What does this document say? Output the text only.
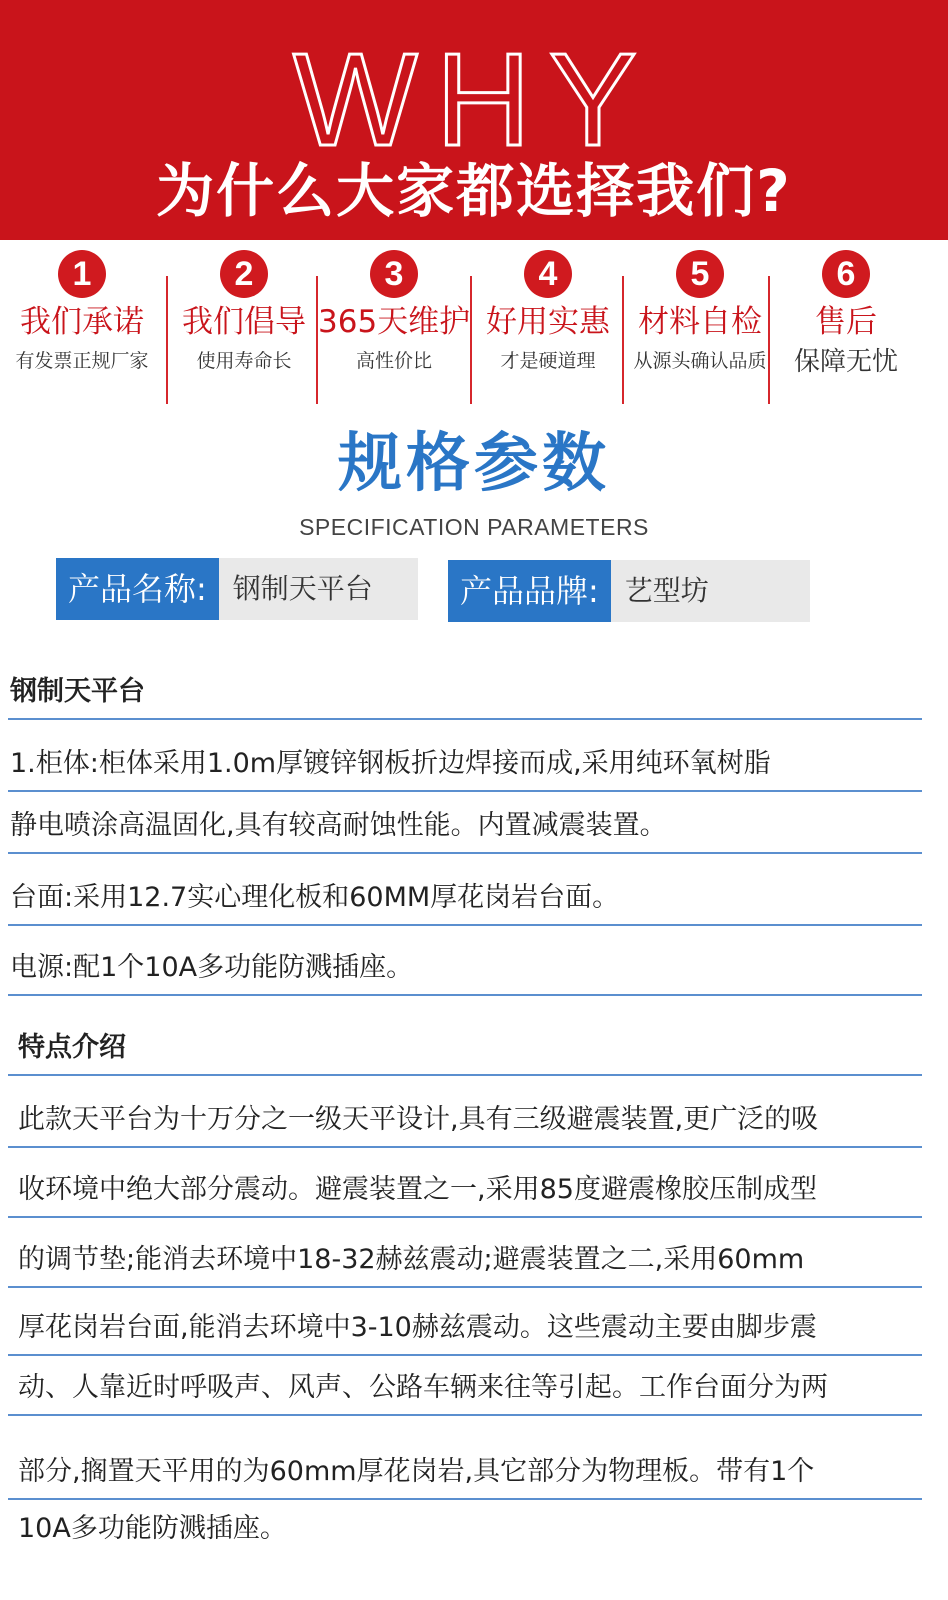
WHY
为什么大家都选择我们?
1
我们承诺
有发票正规厂家
2
我们倡导
使用寿命长
3
365天维护
高性价比
4
好用实惠
才是硬道理
5
材料自检
从源头确认品质
6
售后
保障无忧
规格参数
SPECIFICATION PARAMETERS
产品名称: 钢制天平台	产品品牌: 艺型坊
钢制天平台
1.柜体:柜体采用1.0m厚镀锌钢板折边焊接而成,采用纯环氧树脂
静电喷涂高温固化,具有较高耐蚀性能。内置减震装置。
台面:采用12.7实心理化板和60MM厚花岗岩台面。
电源:配1个10A多功能防溅插座。
特点介绍
此款天平台为十万分之一级天平设计,具有三级避震装置,更广泛的吸
收环境中绝大部分震动。避震装置之一,采用85度避震橡胶压制成型
的调节垫;能消去环境中18-32赫兹震动;避震装置之二,采用60mm
厚花岗岩台面,能消去环境中3-10赫兹震动。这些震动主要由脚步震
动、人靠近时呼吸声、风声、公路车辆来往等引起。工作台面分为两
部分,搁置天平用的为60mm厚花岗岩,具它部分为物理板。带有1个
10A多功能防溅插座。
